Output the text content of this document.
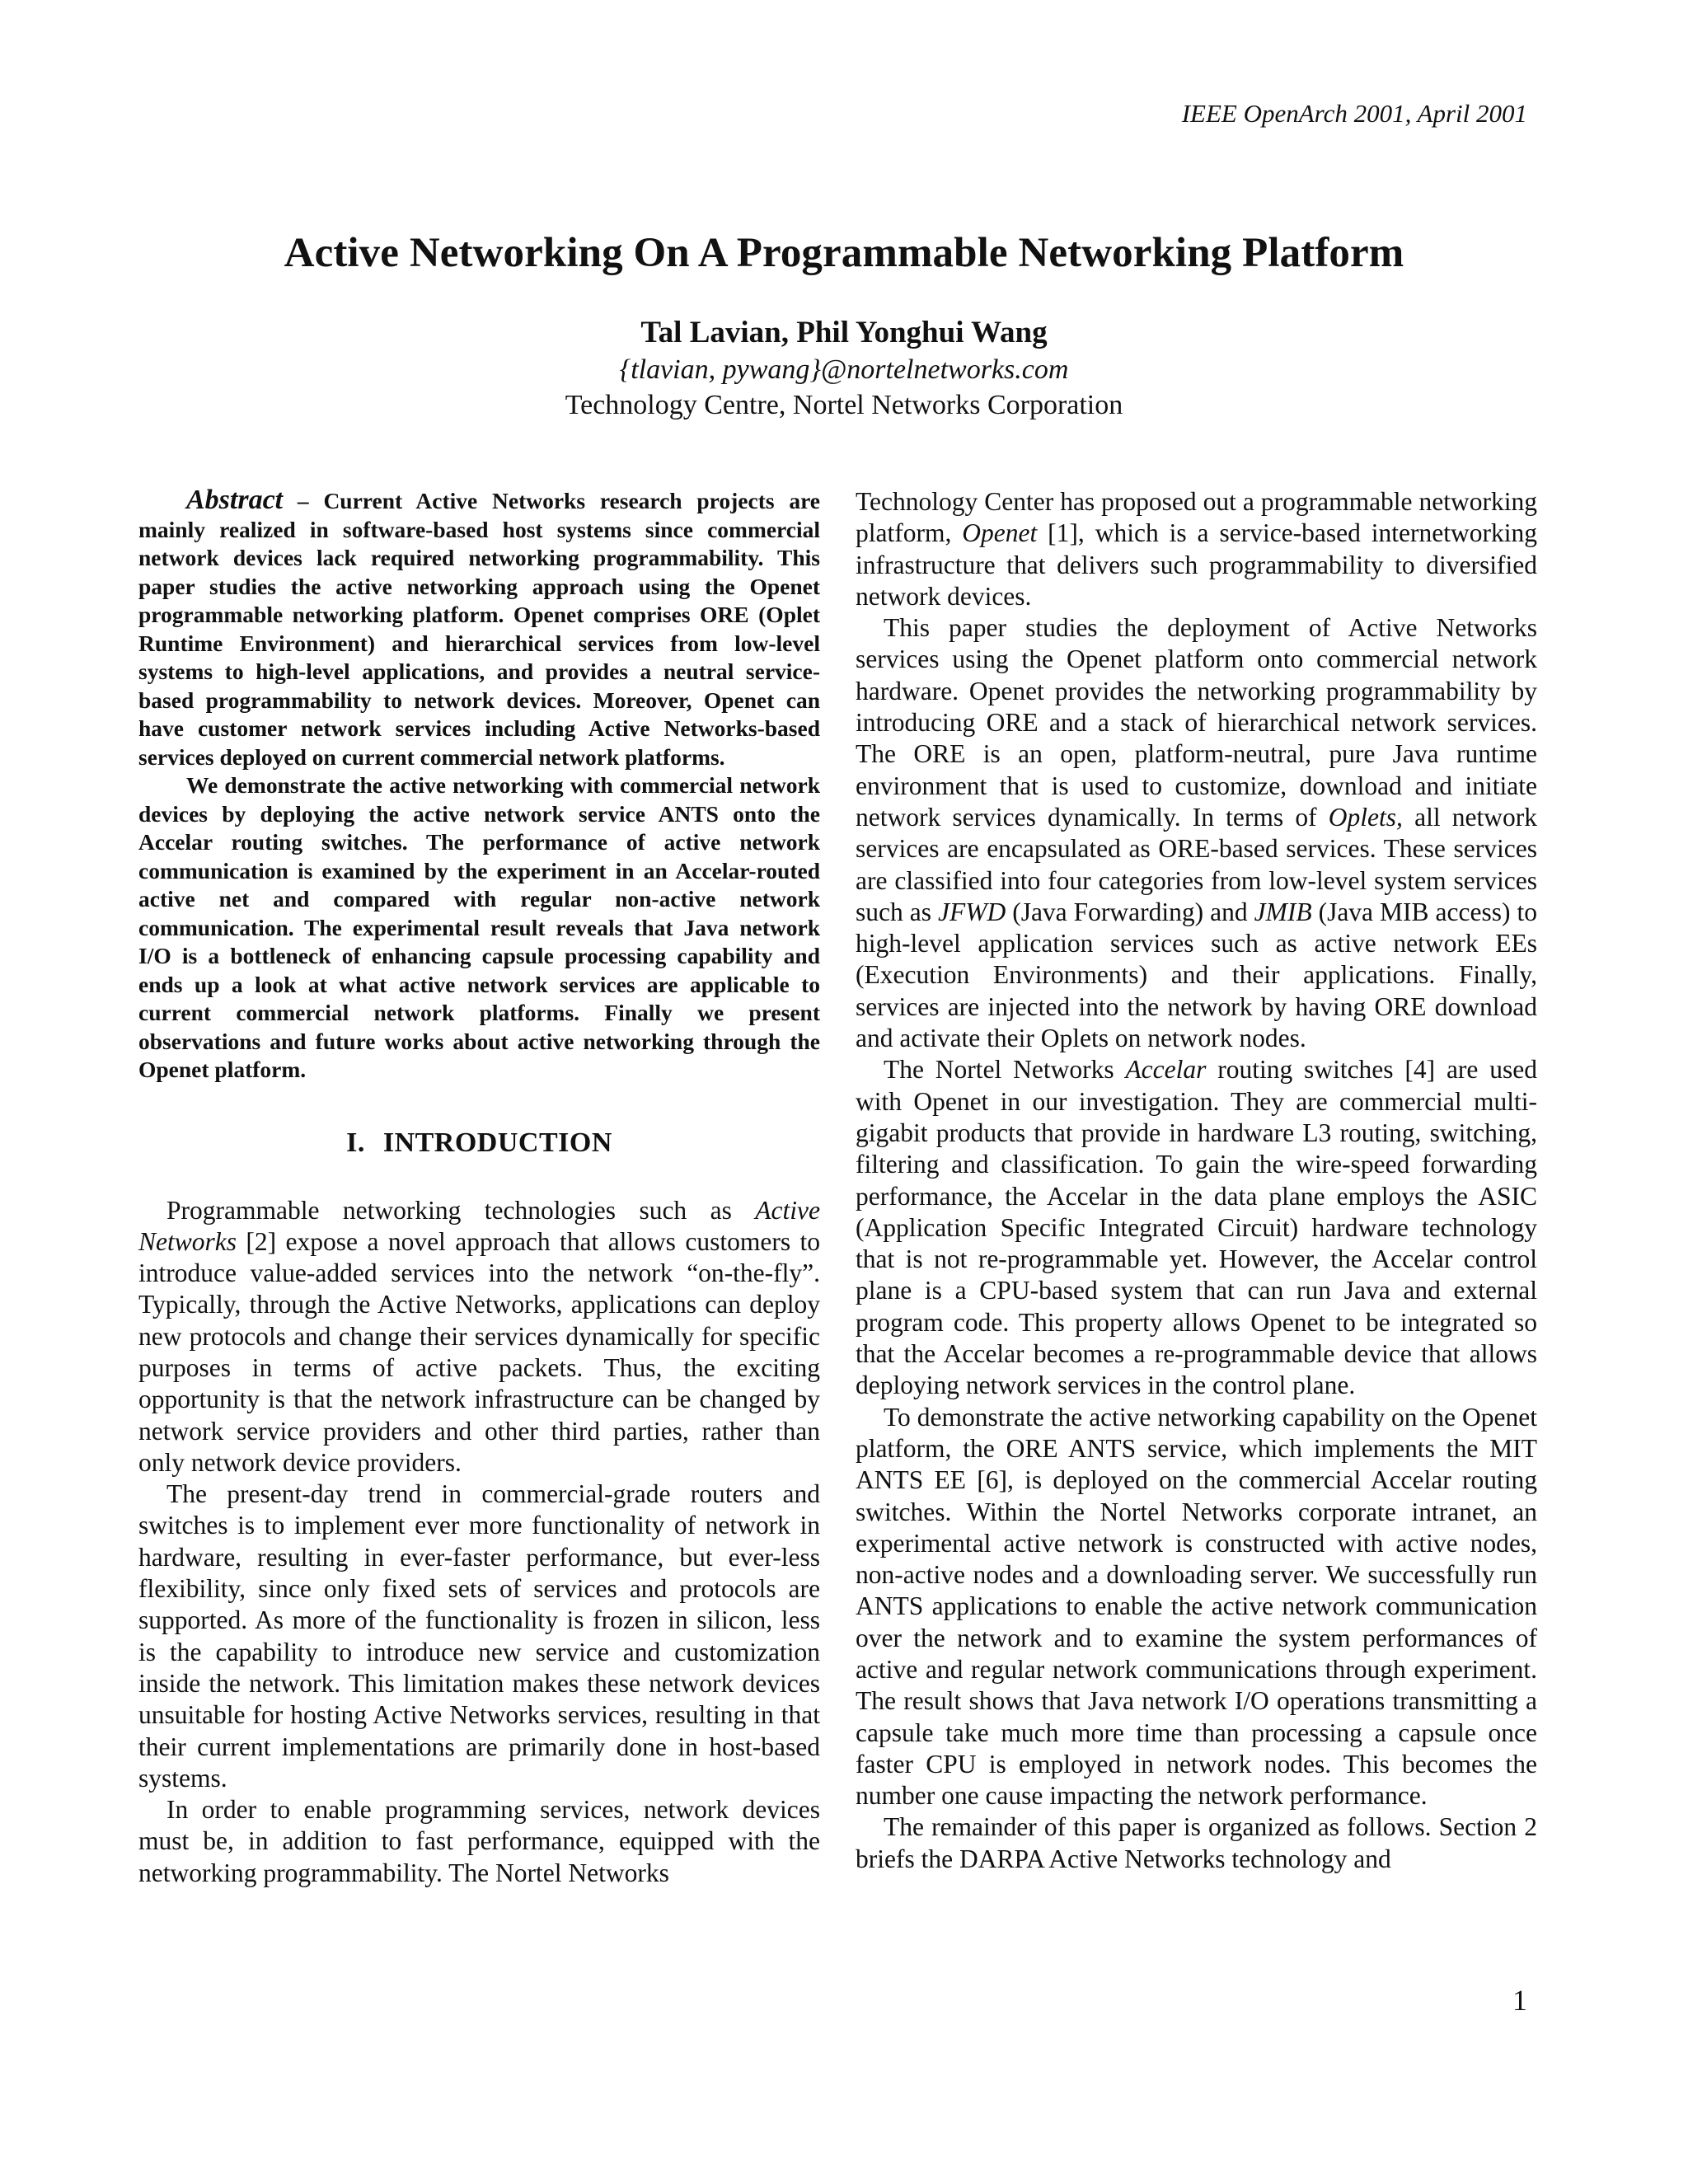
IEEE OpenArch 2001, April 2001
Active Networking On A Programmable Networking Platform
Tal Lavian, Phil Yonghui Wang
{tlavian, pywang}@nortelnetworks.com
Technology Centre, Nortel Networks Corporation

Abstract – Current Active Networks research projects are mainly realized in software-based host systems since commercial network devices lack required networking programmability. This paper studies the active networking approach using the Openet programmable networking platform. Openet comprises ORE (Oplet Runtime Environment) and hierarchical services from low-level systems to high-level applications, and provides a neutral service-based programmability to network devices. Moreover, Openet can have customer network services including Active Networks-based services deployed on current commercial network platforms.

We demonstrate the active networking with commercial network devices by deploying the active network service ANTS onto the Accelar routing switches. The performance of active network communication is examined by the experiment in an Accelar-routed active net and compared with regular non-active network communication. The experimental result reveals that Java network I/O is a bottleneck of enhancing capsule processing capability and ends up a look at what active network services are applicable to current commercial network platforms. Finally we present observations and future works about active networking through the Openet platform.

I. INTRODUCTION

Programmable networking technologies such as Active Networks [2] expose a novel approach that allows customers to introduce value-added services into the network “on-the-fly”. Typically, through the Active Networks, applications can deploy new protocols and change their services dynamically for specific purposes in terms of active packets. Thus, the exciting opportunity is that the network infrastructure can be changed by network service providers and other third parties, rather than only network device providers.

The present-day trend in commercial-grade routers and switches is to implement ever more functionality of network in hardware, resulting in ever-faster performance, but ever-less flexibility, since only fixed sets of services and protocols are supported. As more of the functionality is frozen in silicon, less is the capability to introduce new service and customization inside the network. This limitation makes these network devices unsuitable for hosting Active Networks services, resulting in that their current implementations are primarily done in host-based systems.

In order to enable programming services, network devices must be, in addition to fast performance, equipped with the networking programmability. The Nortel Networks

Technology Center has proposed out a programmable networking platform, Openet [1], which is a service-based internetworking infrastructure that delivers such programmability to diversified network devices.

This paper studies the deployment of Active Networks services using the Openet platform onto commercial network hardware. Openet provides the networking programmability by introducing ORE and a stack of hierarchical network services. The ORE is an open, platform-neutral, pure Java runtime environment that is used to customize, download and initiate network services dynamically. In terms of Oplets, all network services are encapsulated as ORE-based services. These services are classified into four categories from low-level system services such as JFWD (Java Forwarding) and JMIB (Java MIB access) to high-level application services such as active network EEs (Execution Environments) and their applications. Finally, services are injected into the network by having ORE download and activate their Oplets on network nodes.

The Nortel Networks Accelar routing switches [4] are used with Openet in our investigation. They are commercial multi-gigabit products that provide in hardware L3 routing, switching, filtering and classification. To gain the wire-speed forwarding performance, the Accelar in the data plane employs the ASIC (Application Specific Integrated Circuit) hardware technology that is not re-programmable yet. However, the Accelar control plane is a CPU-based system that can run Java and external program code. This property allows Openet to be integrated so that the Accelar becomes a re-programmable device that allows deploying network services in the control plane.

To demonstrate the active networking capability on the Openet platform, the ORE ANTS service, which implements the MIT ANTS EE [6], is deployed on the commercial Accelar routing switches. Within the Nortel Networks corporate intranet, an experimental active network is constructed with active nodes, non-active nodes and a downloading server. We successfully run ANTS applications to enable the active network communication over the network and to examine the system performances of active and regular network communications through experiment. The result shows that Java network I/O operations transmitting a capsule take much more time than processing a capsule once faster CPU is employed in network nodes. This becomes the number one cause impacting the network performance.

The remainder of this paper is organized as follows. Section 2 briefs the DARPA Active Networks technology and

1
